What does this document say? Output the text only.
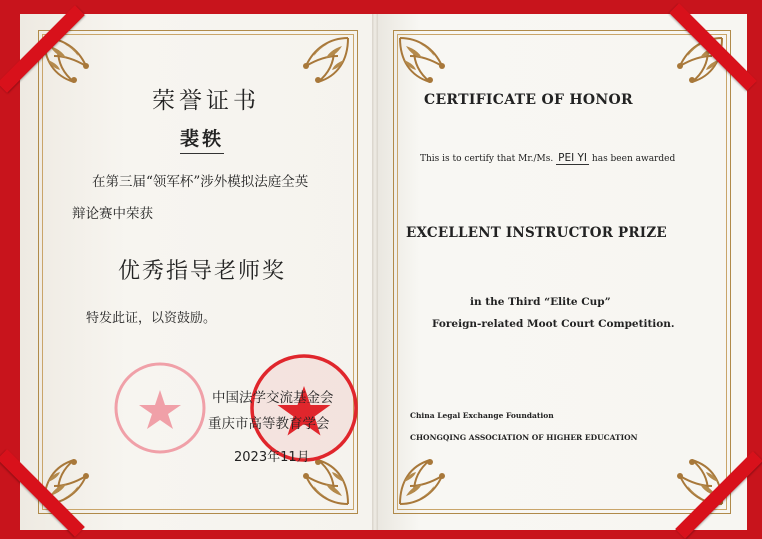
荣誉证书
裴轶
在第三届“领军杯”涉外模拟法庭全英
辩论赛中荣获
优秀指导老师奖
特发此证，以资鼓励。
中国法学交流基金会
重庆市高等教育学会
2023年11月
CERTIFICATE OF HONOR
This is to certify that Mr./Ms. PEI YI has been awarded
EXCELLENT INSTRUCTOR PRIZE
in the Third “Elite Cup”
Foreign-related Moot Court Competition.
China Legal Exchange Foundation
CHONGQING ASSOCIATION OF HIGHER EDUCATION
